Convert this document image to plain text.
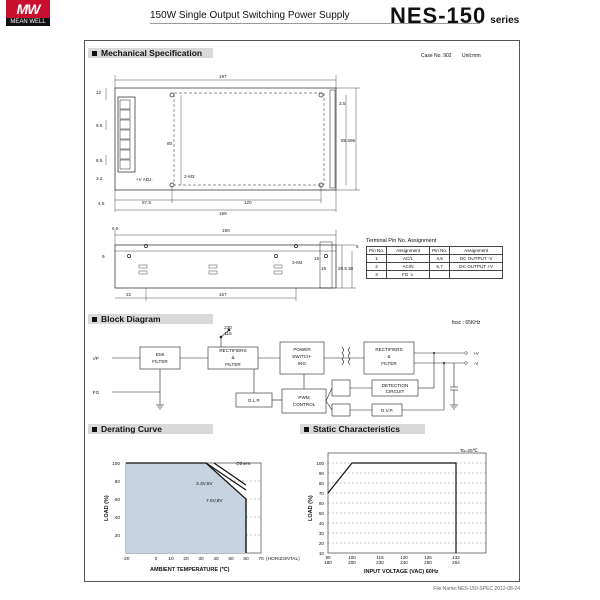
MW
MEAN WELL
150W Single Output Switching Power Supply NES-150 series
Mechanical Specification	Case No. 902 Unit:mm
197
12
9.5
8.5
3.2	+V ADJ.
80
2-M3
3.5
85.5 98
4.5	57.5	120
199
6.5	190
9
22	157
3-M3
15
19	28.5 38
5
Terminal Pin No. Assignment
Pin No.	Assignment	Pin No.	Assignment
1	AC/L	4,5	DC OUTPUT -V
2	AC/N	6,7	DC OUTPUT +V
3	FG ⏚		
Block Diagram	fosc : 65KHz
I/P
FG
EMI
FILTER
RECTIFIERS
&
FILTER
230
115
POWER
SWITCH-
ING
RECTIFIERS
&
FILTER
+V
-V
O.L.P.
PWM
CONTROL
DETECTION
CIRCUIT
O.V.P.
Derating Curve
Others
3.3V,5V
7.5V,8V
100
80
60
40
20
-20	0 10 20 30 40 50 60 70 (HORIZONTAL)
AMBIENT TEMPERATURE (℃)
LOAD (%)
Static Characteristics
Ta=25℃
100
90
80
70
60
50
40
30
20
10
90	100	115	120	125	132
180	200	230	240	250	264
INPUT VOLTAGE (VAC) 60Hz
LOAD (%)
File Name:NES-150-SPEC 2012-08-24
